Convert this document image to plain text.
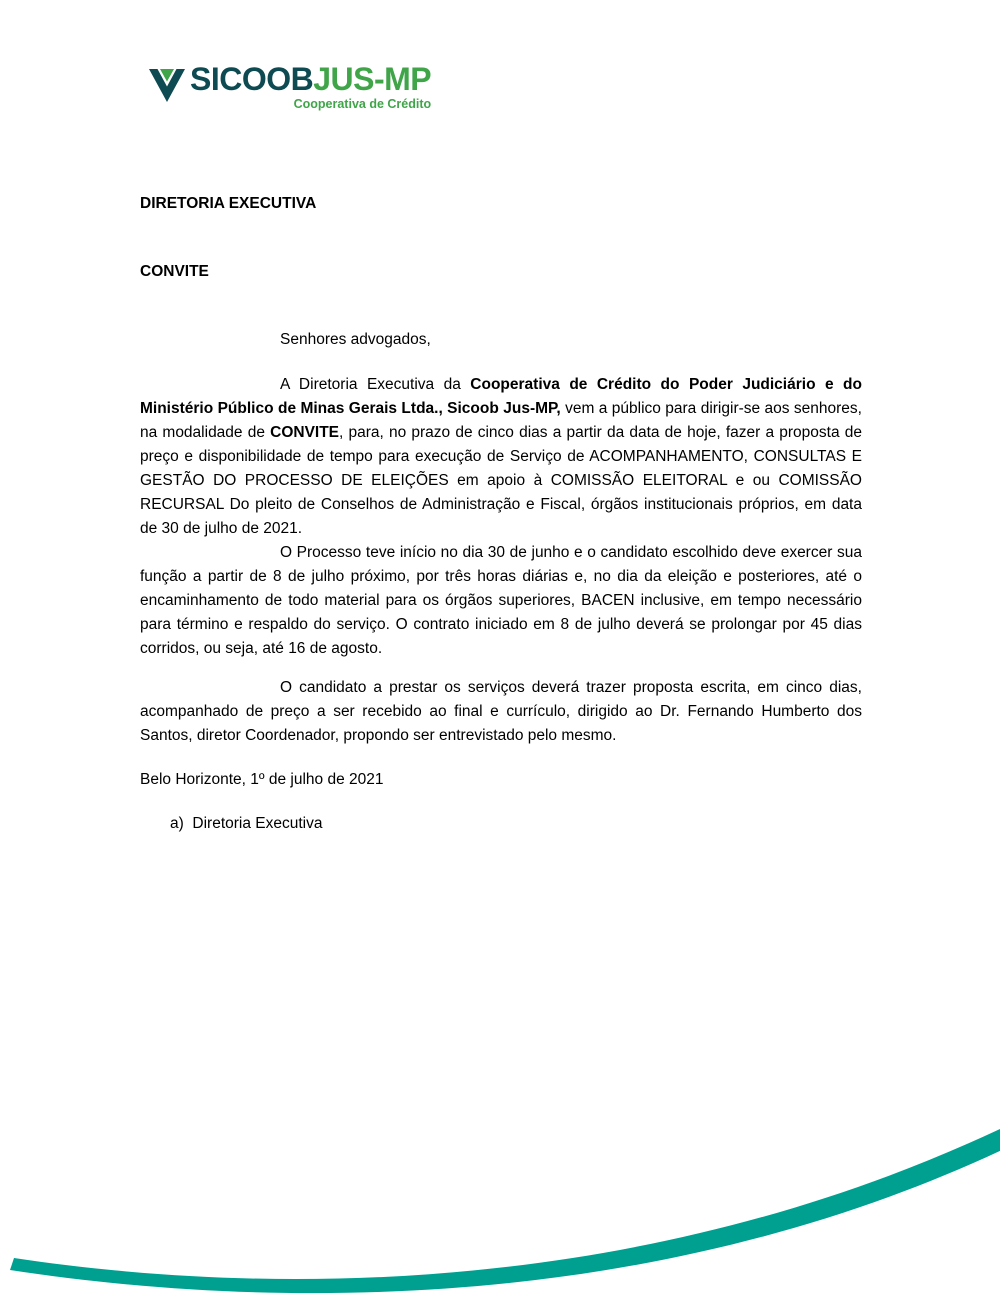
SICOOBJUS-MP
Cooperativa de Crédito
DIRETORIA EXECUTIVA
CONVITE

Senhores advogados,

A Diretoria Executiva da Cooperativa de Crédito do Poder Judiciário e do Ministério Público de Minas Gerais Ltda., Sicoob Jus-MP, vem a público para dirigir-se aos senhores, na modalidade de CONVITE, para, no prazo de cinco dias a partir da data de hoje, fazer a proposta de preço e disponibilidade de tempo para execução de Serviço de ACOMPANHAMENTO, CONSULTAS E GESTÃO DO PROCESSO DE ELEIÇÕES em apoio à COMISSÃO ELEITORAL e ou COMISSÃO RECURSAL Do pleito de Conselhos de Administração e Fiscal, órgãos institucionais próprios, em data de 30 de julho de 2021.

O Processo teve início no dia 30 de junho e o candidato escolhido deve exercer sua função a partir de 8 de julho próximo, por três horas diárias e, no dia da eleição e posteriores, até o encaminhamento de todo material para os órgãos superiores, BACEN inclusive, em tempo necessário para término e respaldo do serviço. O contrato iniciado em 8 de julho deverá se prolongar por 45 dias corridos, ou seja, até 16 de agosto.

O candidato a prestar os serviços deverá trazer proposta escrita, em cinco dias, acompanhado de preço a ser recebido ao final e currículo, dirigido ao Dr. Fernando Humberto dos Santos, diretor Coordenador, propondo ser entrevistado pelo mesmo.

Belo Horizonte, 1º de julho de 2021

a)  Diretoria Executiva
